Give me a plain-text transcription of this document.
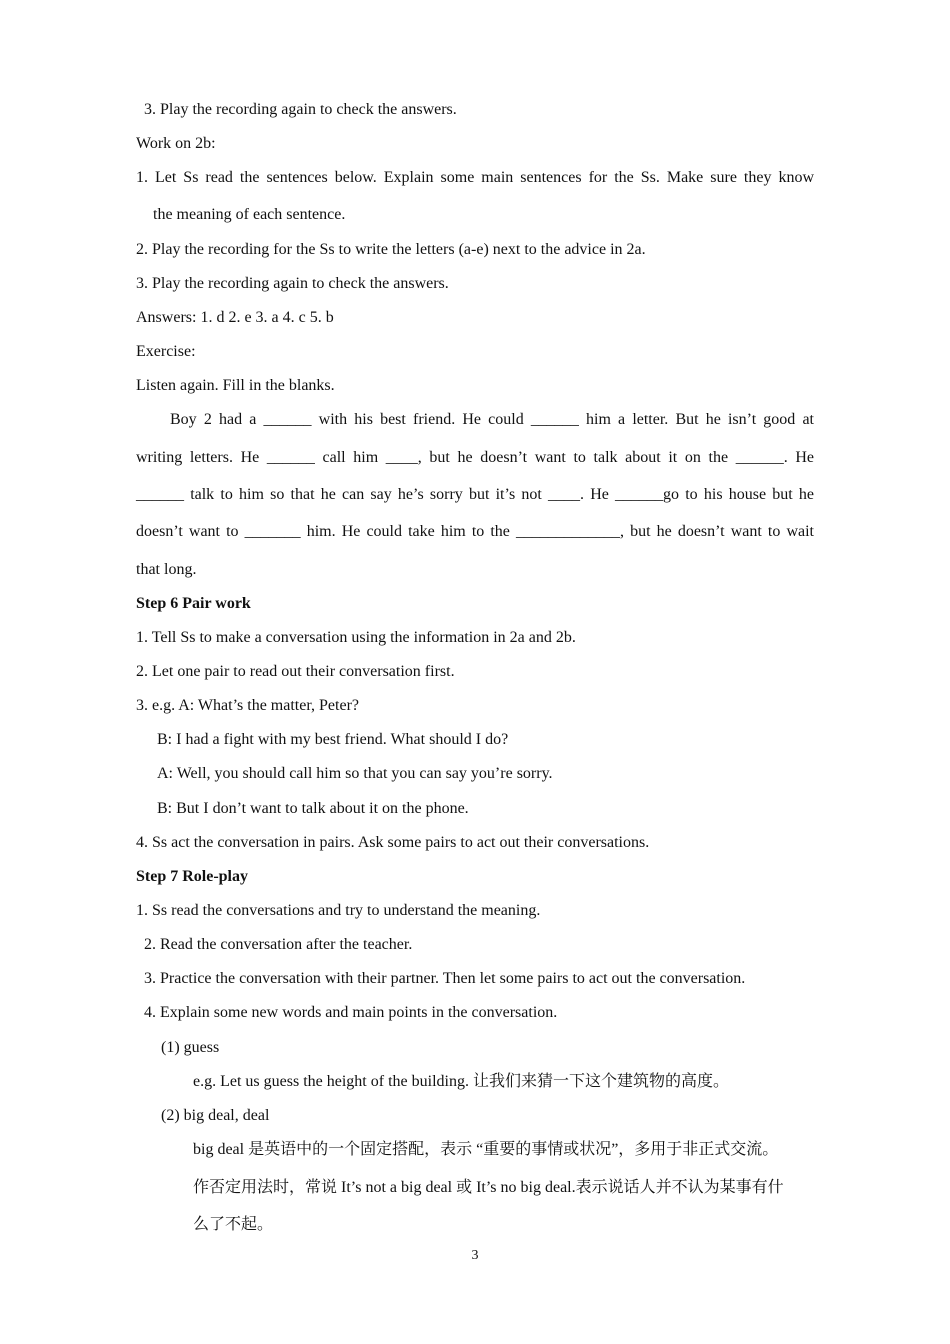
3. Play the recording again to check the answers.
Work on 2b:
1. Let Ss read the sentences below. Explain some main sentences for the Ss. Make sure they know
the meaning of each sentence.
2. Play the recording for the Ss to write the letters (a-e) next to the advice in 2a.
3. Play the recording again to check the answers.
Answers: 1. d 2. e 3. a 4. c 5. b
Exercise:
Listen again. Fill in the blanks.
Boy 2 had a ______ with his best friend. He could ______ him a letter. But he isn’t good at
writing letters. He ______ call him ____, but he doesn’t want to talk about it on the ______. He
______ talk to him so that he can say he’s sorry but it’s not ____. He ______go to his house but he
doesn’t want to _______ him. He could take him to the _____________, but he doesn’t want to wait
that long.
Step 6 Pair work
1. Tell Ss to make a conversation using the information in 2a and 2b.
2. Let one pair to read out their conversation first.
3. e.g. A: What’s the matter, Peter?
B: I had a fight with my best friend. What should I do?
A: Well, you should call him so that you can say you’re sorry.
B: But I don’t want to talk about it on the phone.
4. Ss act the conversation in pairs. Ask some pairs to act out their conversations.
Step 7 Role-play
1. Ss read the conversations and try to understand the meaning.
2. Read the conversation after the teacher.
3. Practice the conversation with their partner. Then let some pairs to act out the conversation.
4. Explain some new words and main points in the conversation.
(1) guess
e.g. Let us guess the height of the building. 让我们来猜一下这个建筑物的高度。
(2) big deal, deal
big deal 是英语中的一个固定搭配，表示 “重要的事情或状况”，多用于非正式交流。
作否定用法时，常说 It’s not a big deal 或 It’s no big deal.表示说话人并不认为某事有什
么了不起。
3
